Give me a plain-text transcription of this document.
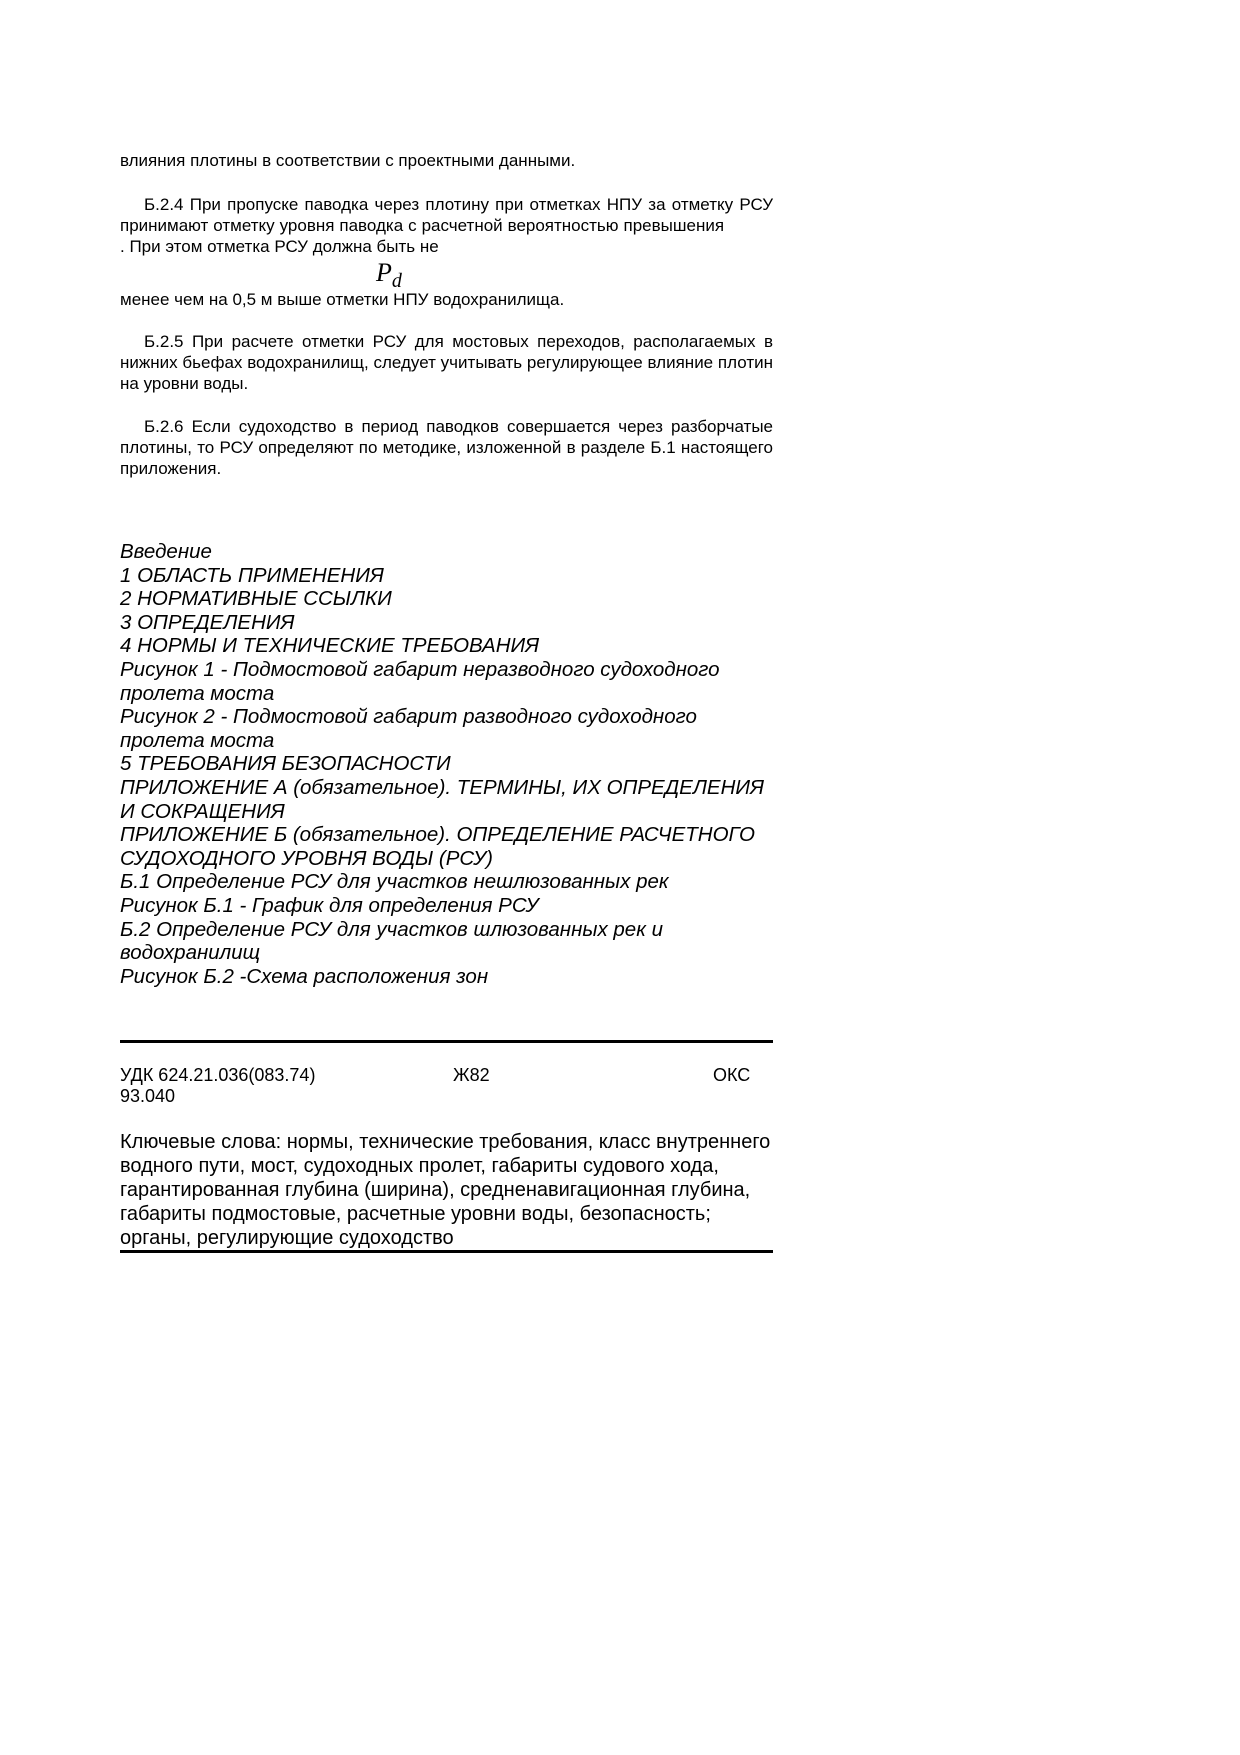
влияния плотины в соответствии с проектными данными.

Б.2.4 При пропуске паводка через плотину при отметках НПУ за отметку РСУ принимают отметку уровня паводка с расчетной вероятностью превышения  . При этом отметка РСУ должна быть не

$P_d$

менее чем на 0,5 м выше отметки НПУ водохранилища.

Б.2.5 При расчете отметки РСУ для мостовых переходов, располагаемых в нижних бьефах водохранилищ, следует учитывать регулирующее влияние плотин на уровни воды.

Б.2.6 Если судоходство в период паводков совершается через разборчатые плотины, то РСУ определяют по методике, изложенной в разделе Б.1 настоящего приложения.

Введение

1 ОБЛАСТЬ ПРИМЕНЕНИЯ

2 НОРМАТИВНЫЕ ССЫЛКИ

3 ОПРЕДЕЛЕНИЯ

4 НОРМЫ И ТЕХНИЧЕСКИЕ ТРЕБОВАНИЯ

Рисунок 1 - Подмостовой габарит неразводного судоходного пролета моста

Рисунок 2 - Подмостовой габарит разводного судоходного пролета моста

5 ТРЕБОВАНИЯ БЕЗОПАСНОСТИ

ПРИЛОЖЕНИЕ А (обязательное). ТЕРМИНЫ, ИХ ОПРЕДЕЛЕНИЯ И СОКРАЩЕНИЯ

ПРИЛОЖЕНИЕ Б (обязательное). ОПРЕДЕЛЕНИЕ РАСЧЕТНОГО СУДОХОДНОГО УРОВНЯ ВОДЫ (РСУ)

Б.1 Определение РСУ для участков нешлюзованных рек

Рисунок Б.1 - График для определения РСУ

Б.2 Определение РСУ для участков шлюзованных рек и водохранилищ

Рисунок Б.2 -Схема расположения зон

УДК 624.21.036(083.74)	Ж82	ОКС
93.040

Ключевые слова: нормы, технические требования, класс внутреннего водного пути, мост, судоходных пролет, габариты судового хода, гарантированная глубина (ширина), средненавигационная глубина, габариты подмостовые, расчетные уровни воды, безопасность; органы, регулирующие судоходство
